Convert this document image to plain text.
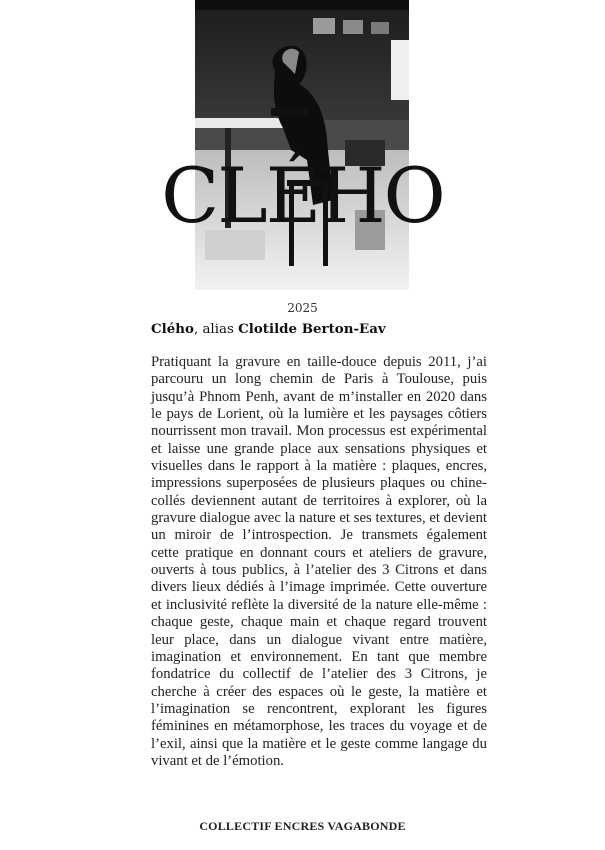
CLÉHO
2025
Clého, alias Clotilde Berton-Eav
Pratiquant la gravure en taille-douce depuis 2011, j’ai parcouru un long chemin de Paris à Toulouse, puis jusqu’à Phnom Penh, avant de m’installer en 2020 dans le pays de Lorient, où la lumière et les paysages côtiers nourrissent mon travail. Mon processus est expérimental et laisse une grande place aux sensations physiques et visuelles dans le rapport à la matière : plaques, encres, impressions superposées de plusieurs plaques ou chine-collés deviennent autant de territoires à explorer, où la gravure dialogue avec la nature et ses textures, et devient un miroir de l’introspection. Je transmets également cette pratique en donnant cours et ateliers de gravure, ouverts à tous publics, à l’atelier des 3 Citrons et dans divers lieux dédiés à l’image imprimée. Cette ouverture et inclusivité reflète la diversité de la nature elle-même : chaque geste, chaque main et chaque regard trouvent leur place, dans un dialogue vivant entre matière, imagination et environnement. En tant que membre fondatrice du collectif de l’atelier des 3 Citrons, je cherche à créer des espaces où le geste, la matière et l’imagination se rencontrent, explorant les figures féminines en métamorphose, les traces du voyage et de l’exil, ainsi que la matière et le geste comme langage du vivant et de l’émotion.
COLLECTIF ENCRES VAGABONDE
